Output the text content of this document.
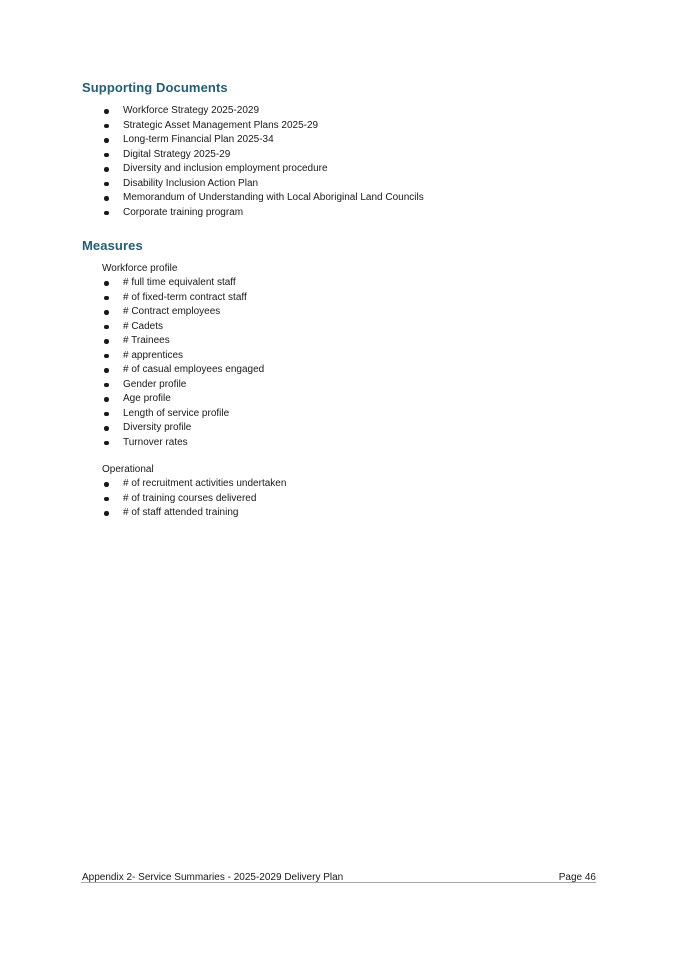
Supporting Documents
Workforce Strategy 2025-2029
Strategic Asset Management Plans 2025-29
Long-term Financial Plan 2025-34
Digital Strategy 2025-29
Diversity and inclusion employment procedure
Disability Inclusion Action Plan
Memorandum of Understanding with Local Aboriginal Land Councils
Corporate training program
Measures

Workforce profile

# full time equivalent staff
# of fixed-term contract staff
# Contract employees
# Cadets
# Trainees
# apprentices
# of casual employees engaged
Gender profile
Age profile
Length of service profile
Diversity profile
Turnover rates

Operational

# of recruitment activities undertaken
# of training courses delivered
# of staff attended training
Appendix 2- Service Summaries - 2025-2029 Delivery Plan	Page 46
